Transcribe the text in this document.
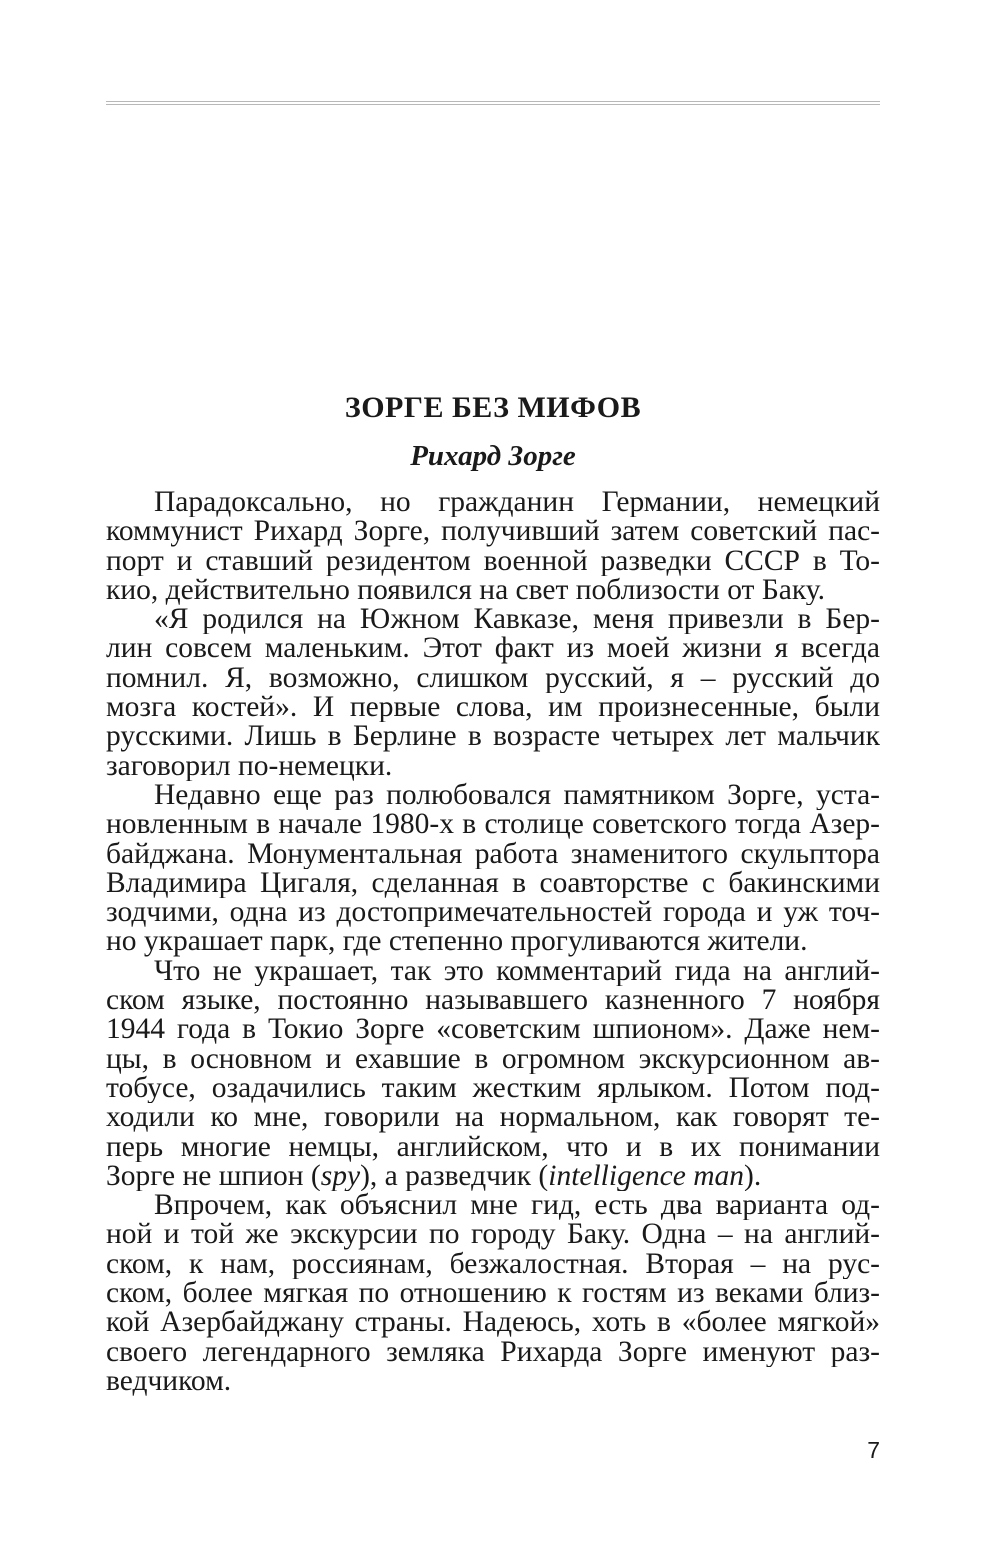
ЗОРГЕ БЕЗ МИФОВ
Рихард Зорге

Парадоксально, но гражданин Германии, немецкий
коммунист Рихард Зорге, получивший затем советский пас-
порт и ставший резидентом военной разведки СССР в То-
кио, действительно появился на свет поблизости от Баку.

«Я родился на Южном Кавказе, меня привезли в Бер-
лин совсем маленьким. Этот факт из моей жизни я всегда
помнил. Я, возможно, слишком русский, я – русский до
мозга костей». И первые слова, им произнесенные, были
русскими. Лишь в Берлине в возрасте четырех лет мальчик
заговорил по-немецки.

Недавно еще раз полюбовался памятником Зорге, уста-
новленным в начале 1980-х в столице советского тогда Азер-
байджана. Монументальная работа знаменитого скульптора
Владимира Цигаля, сделанная в соавторстве с бакинскими
зодчими, одна из достопримечательностей города и уж точ-
но украшает парк, где степенно прогуливаются жители.

Что не украшает, так это комментарий гида на англий-
ском языке, постоянно называвшего казненного 7 ноября
1944 года в Токио Зорге «советским шпионом». Даже нем-
цы, в основном и ехавшие в огромном экскурсионном ав-
тобусе, озадачились таким жестким ярлыком. Потом под-
ходили ко мне, говорили на нормальном, как говорят те-
перь многие немцы, английском, что и в их понимании
Зорге не шпион (spy), а разведчик (intelligence man).

Впрочем, как объяснил мне гид, есть два варианта од-
ной и той же экскурсии по городу Баку. Одна – на англий-
ском, к нам, россиянам, безжалостная. Вторая – на рус-
ском, более мягкая по отношению к гостям из веками близ-
кой Азербайджану страны. Надеюсь, хоть в «более мягкой»
своего легендарного земляка Рихарда Зорге именуют раз-
ведчиком.

7
